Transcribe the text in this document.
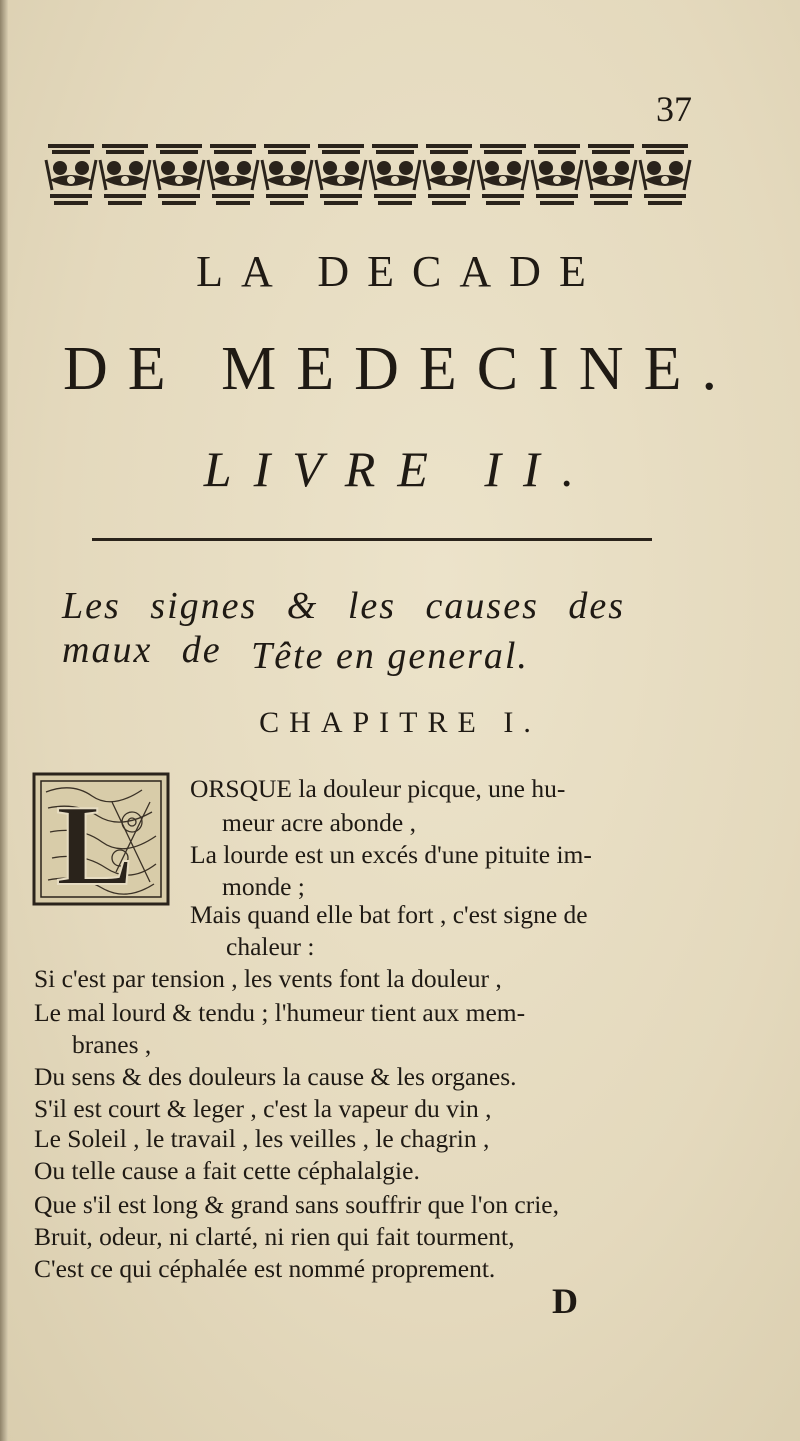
37
LA DECADE
DE MEDECINE.
LIVRE II.
Les signes & les causes des maux de Tête en general.
CHAPITRE I.
L ORSQUE la douleur picque, une hu-
meur acre abonde ,
La lourde est un excés d'une pituite im-
monde ;
Mais quand elle bat fort , c'est signe de
chaleur :
Si c'est par tension , les vents font la douleur ,
Le mal lourd & tendu ; l'humeur tient aux mem-
branes ,
Du sens & des douleurs la cause & les organes.
S'il est court & leger , c'est la vapeur du vin ,
Le Soleil , le travail , les veilles , le chagrin ,
Ou telle cause a fait cette céphalalgie.
Que s'il est long & grand sans souffrir que l'on crie,
Bruit, odeur, ni clarté, ni rien qui fait tourment,
C'est ce qui céphalée est nommé proprement.
D
